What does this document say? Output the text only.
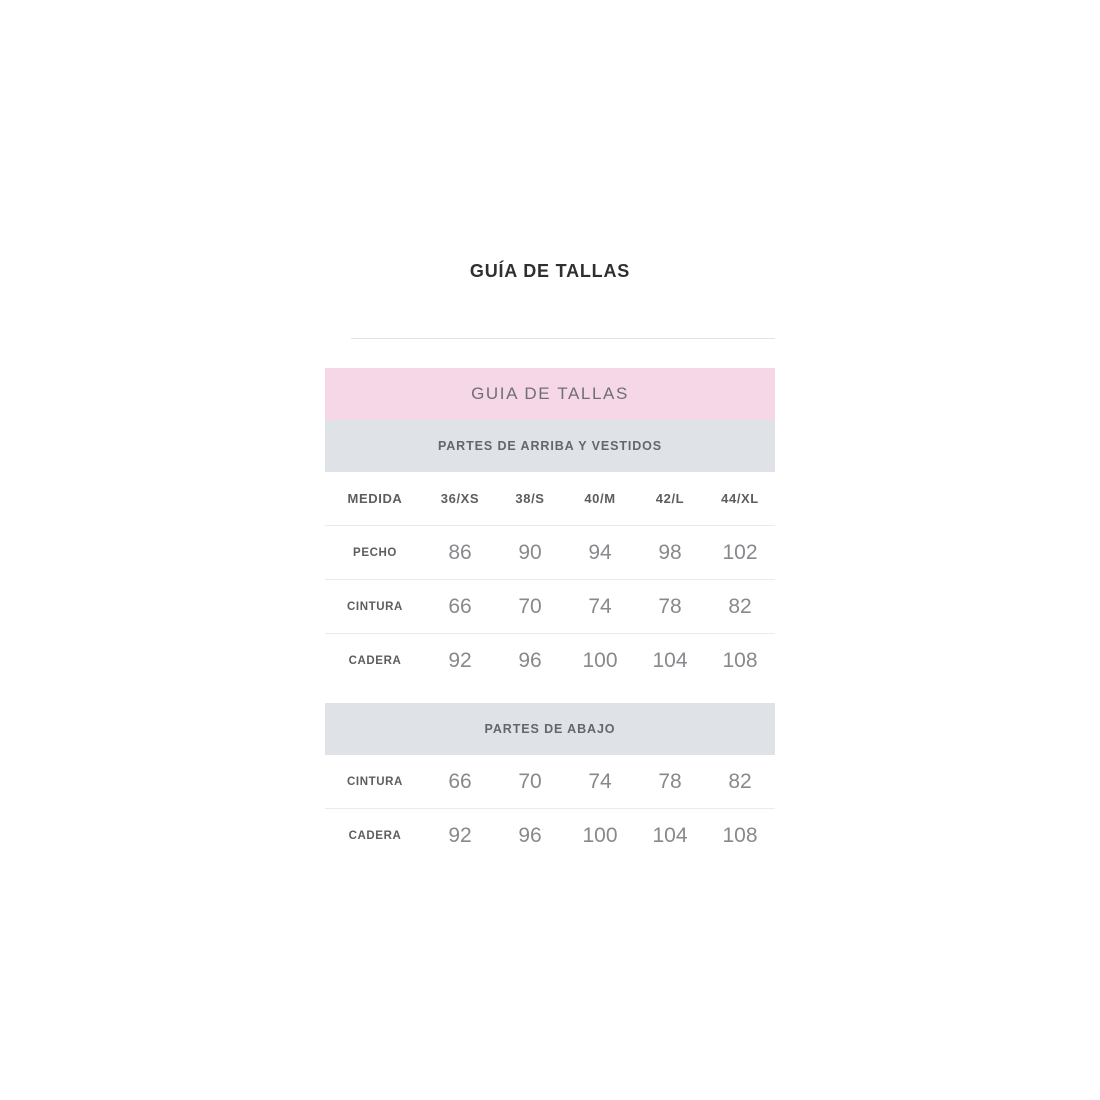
GUÍA DE TALLAS
GUIA DE TALLAS
PARTES DE ARRIBA Y VESTIDOS
MEDIDA	36/XS	38/S	40/M	42/L	44/XL
PECHO	86	90	94	98	102
CINTURA	66	70	74	78	82
CADERA	92	96	100	104	108
PARTES DE ABAJO
CINTURA	66	70	74	78	82
CADERA	92	96	100	104	108
